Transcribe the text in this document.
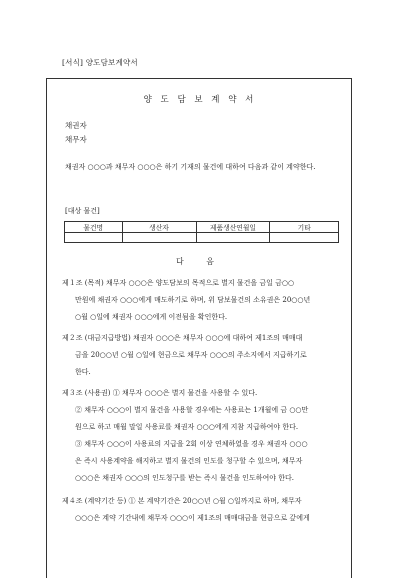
[서식] 양도담보계약서
양 도 담 보 계 약 서
채권자
채무자
채권자 ○○○과 채무자 ○○○은 하기 기재의 물건에 대하여 다음과 같이 계약한다.
[대상 물건]
물건명	생산자	제품생산연월일	기타

다 음
제１조 (목적) 채무자 ○○○은 양도담보의 목적으로 별지 물건을 금일 금○○
만원에 채권자 ○○○에게 매도하기로 하며, 위 담보물건의 소유권은 20○○년
○월 ○일에 채권자 ○○○에게 이전됨을 확인한다.
제２조 (대금지급방법) 채권자 ○○○은 채무자 ○○○에 대하여 제1조의 매매대
금을 20○○년 ○월 ○일에 현금으로 채무자 ○○○의 주소지에서 지급하기로
한다.
제３조 (사용권) ① 채무자 ○○○은 별지 물건을 사용할 수 있다.
② 채무자 ○○○이 별지 물건을 사용할 경우에는 사용료는 1개월에 금 ○○만
원으로 하고 매월 말일 사용료를 채권자 ○○○에게 지참 지급하여야 한다.
③ 채무자 ○○○이 사용료의 지급을 2회 이상 연체하였을 경우 채권자 ○○○
은 즉시 사용계약을 해지하고 별지 물건의 인도를 청구할 수 있으며, 채무자
○○○은 채권자 ○○○의 인도청구를 받는 즉시 물건을 인도하여야 한다.
제４조 (계약기간 등) ① 본 계약기간은 20○○년 ○월 ○일까지로 하며, 채무자
○○○은 계약 기간내에 채무자 ○○○이 제1조의 매매대금을 현금으로 갚에게
